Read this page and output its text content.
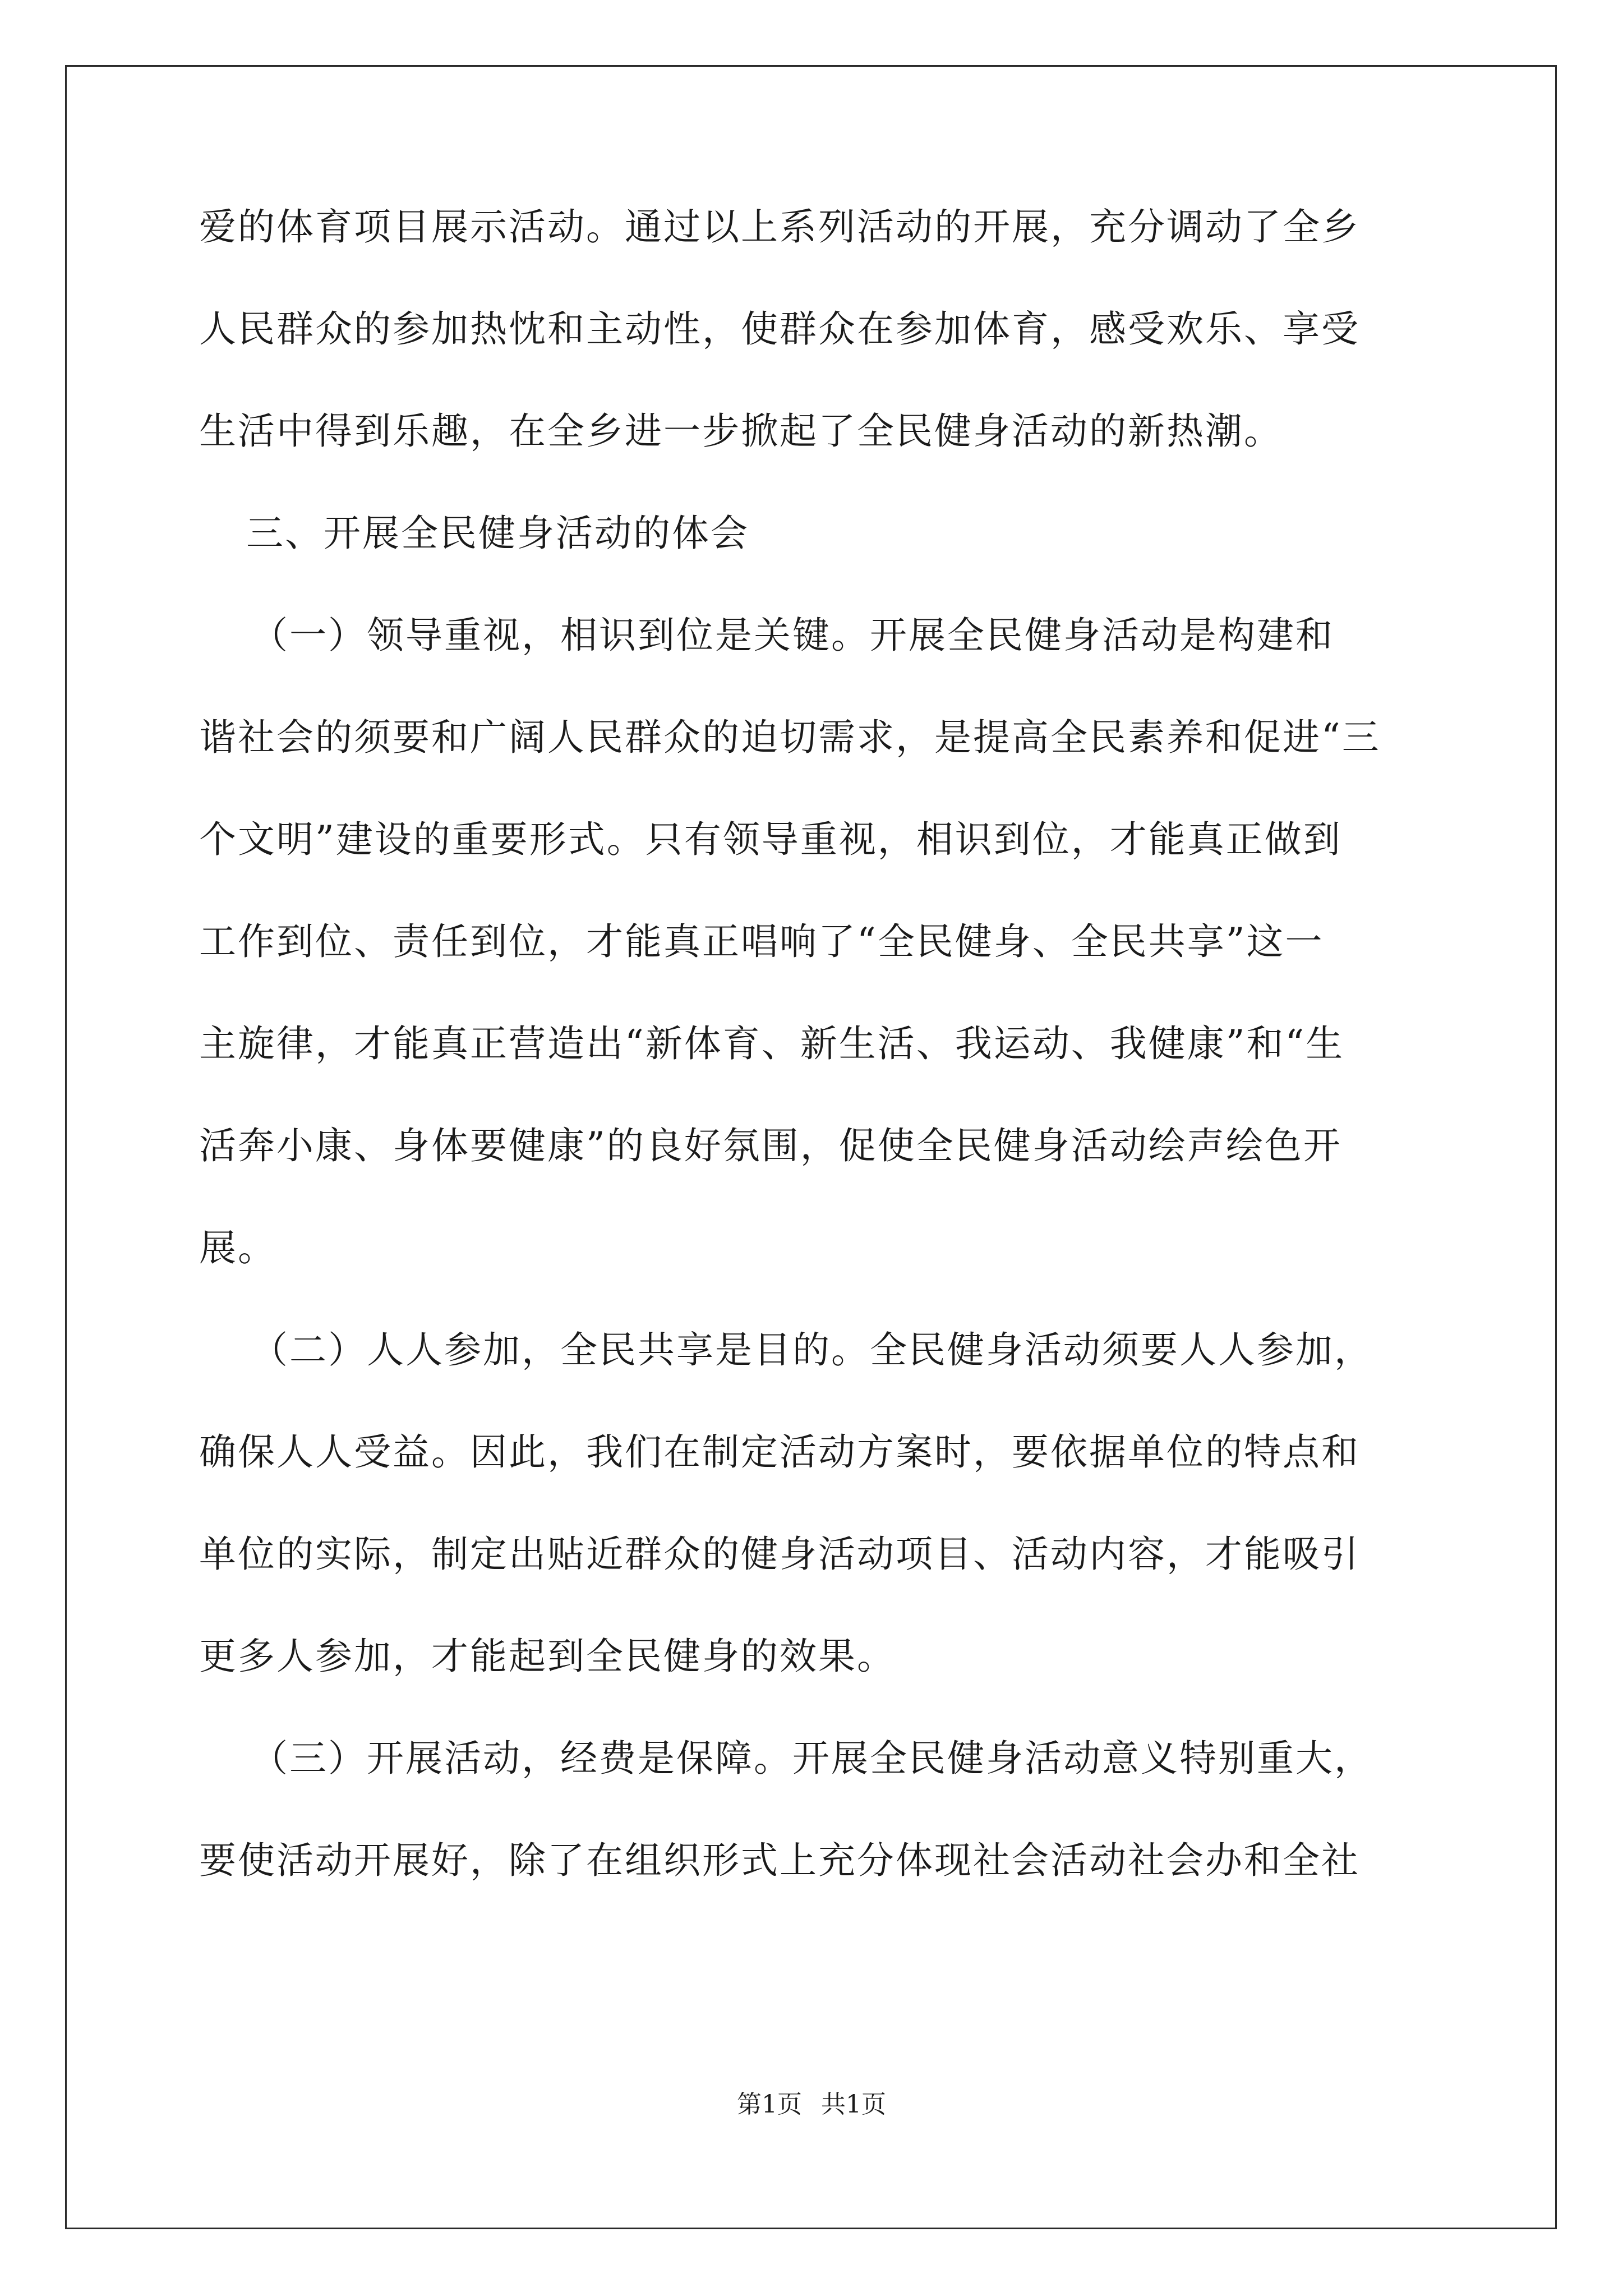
爱的体育项目展示活动。通过以上系列活动的开展，充分调动了全乡
人民群众的参加热忱和主动性，使群众在参加体育，感受欢乐、享受
生活中得到乐趣，在全乡进一步掀起了全民健身活动的新热潮。
三、开展全民健身活动的体会
（一）领导重视，相识到位是关键。开展全民健身活动是构建和
谐社会的须要和广阔人民群众的迫切需求，是提高全民素养和促进“三
个文明”建设的重要形式。只有领导重视，相识到位，才能真正做到
工作到位、责任到位，才能真正唱响了“全民健身、全民共享”这一
主旋律，才能真正营造出“新体育、新生活、我运动、我健康”和“生
活奔小康、身体要健康”的良好氛围，促使全民健身活动绘声绘色开
展。
（二）人人参加，全民共享是目的。全民健身活动须要人人参加，
确保人人受益。因此，我们在制定活动方案时，要依据单位的特点和
单位的实际，制定出贴近群众的健身活动项目、活动内容，才能吸引
更多人参加，才能起到全民健身的效果。
（三）开展活动，经费是保障。开展全民健身活动意义特别重大，
要使活动开展好，除了在组织形式上充分体现社会活动社会办和全社
第1页 共1页
